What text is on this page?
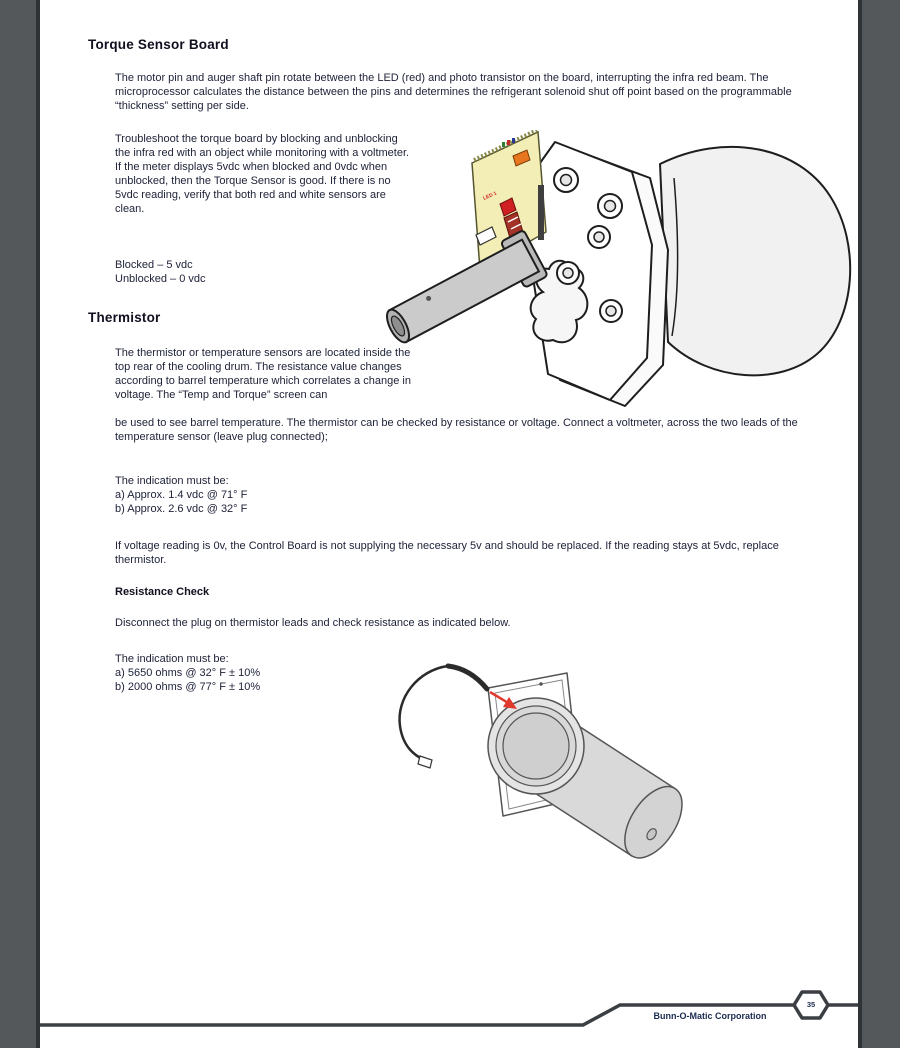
Torque Sensor Board
The motor pin and auger shaft pin rotate between the LED (red) and photo transistor on the board, interrupting the infra red beam. The microprocessor calculates the distance between the pins and determines the refrigerant solenoid shut off point based on the programmable “thickness” setting per side.
Troubleshoot the torque board by blocking and unblocking the infra red with an object while monitoring with a voltmeter. If the meter displays 5vdc when blocked and 0vdc when unblocked, then the Torque Sensor is good. If there is no 5vdc reading, verify that both red and white sensors are clean.
Blocked – 5 vdc
Unblocked – 0 vdc
Thermistor
The thermistor or temperature sensors are located inside the top rear of the cooling drum. The resistance value changes according to barrel temperature which correlates a change in voltage. The “Temp and Torque” screen can
be used to see barrel temperature. The thermistor can be checked by resistance or voltage. Connect a voltmeter, across the two leads of the temperature sensor (leave plug connected);
The indication must be:
a) Approx. 1.4 vdc @ 71° F
b) Approx. 2.6 vdc @ 32° F
If voltage reading is 0v, the Control Board is not supplying the necessary 5v and should be replaced. If the reading stays at 5vdc, replace thermistor.
Resistance Check
Disconnect the plug on thermistor leads and check resistance as indicated below.
The indication must be:
a) 5650 ohms @ 32° F ± 10%
b) 2000 ohms @ 77° F ± 10%
LED 1
Bunn-O-Matic Corporation
35
